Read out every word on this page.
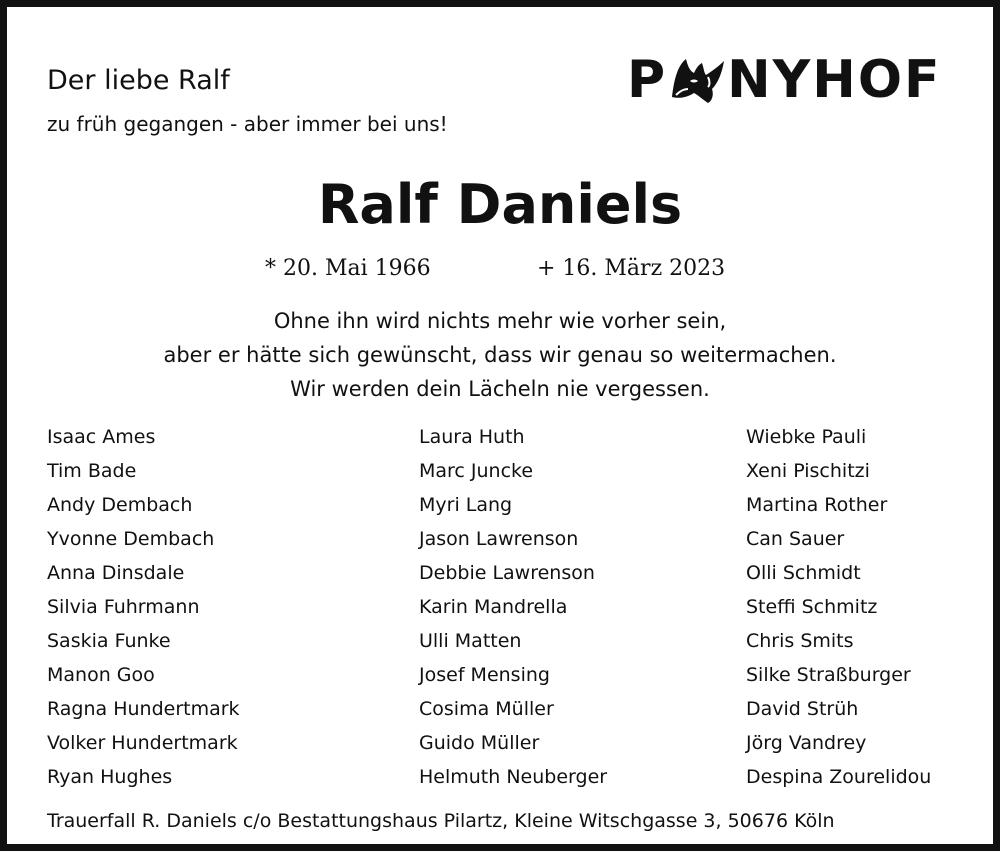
Der liebe Ralf
zu früh gegangen - aber immer bei uns!
P NYHOF
Ralf Daniels
* 20. Mai 1966	+ 16. März 2023
Ohne ihn wird nichts mehr wie vorher sein,
aber er hätte sich gewünscht, dass wir genau so weitermachen.
Wir werden dein Lächeln nie vergessen.
Isaac Ames
Tim Bade
Andy Dembach
Yvonne Dembach
Anna Dinsdale
Silvia Fuhrmann
Saskia Funke
Manon Goo
Ragna Hundertmark
Volker Hundertmark
Ryan Hughes
Laura Huth
Marc Juncke
Myri Lang
Jason Lawrenson
Debbie Lawrenson
Karin Mandrella
Ulli Matten
Josef Mensing
Cosima Müller
Guido Müller
Helmuth Neuberger
Wiebke Pauli
Xeni Pischitzi
Martina Rother
Can Sauer
Olli Schmidt
Steffi Schmitz
Chris Smits
Silke Straßburger
David Strüh
Jörg Vandrey
Despina Zourelidou
Trauerfall R. Daniels c/o Bestattungshaus Pilartz, Kleine Witschgasse 3, 50676 Köln
